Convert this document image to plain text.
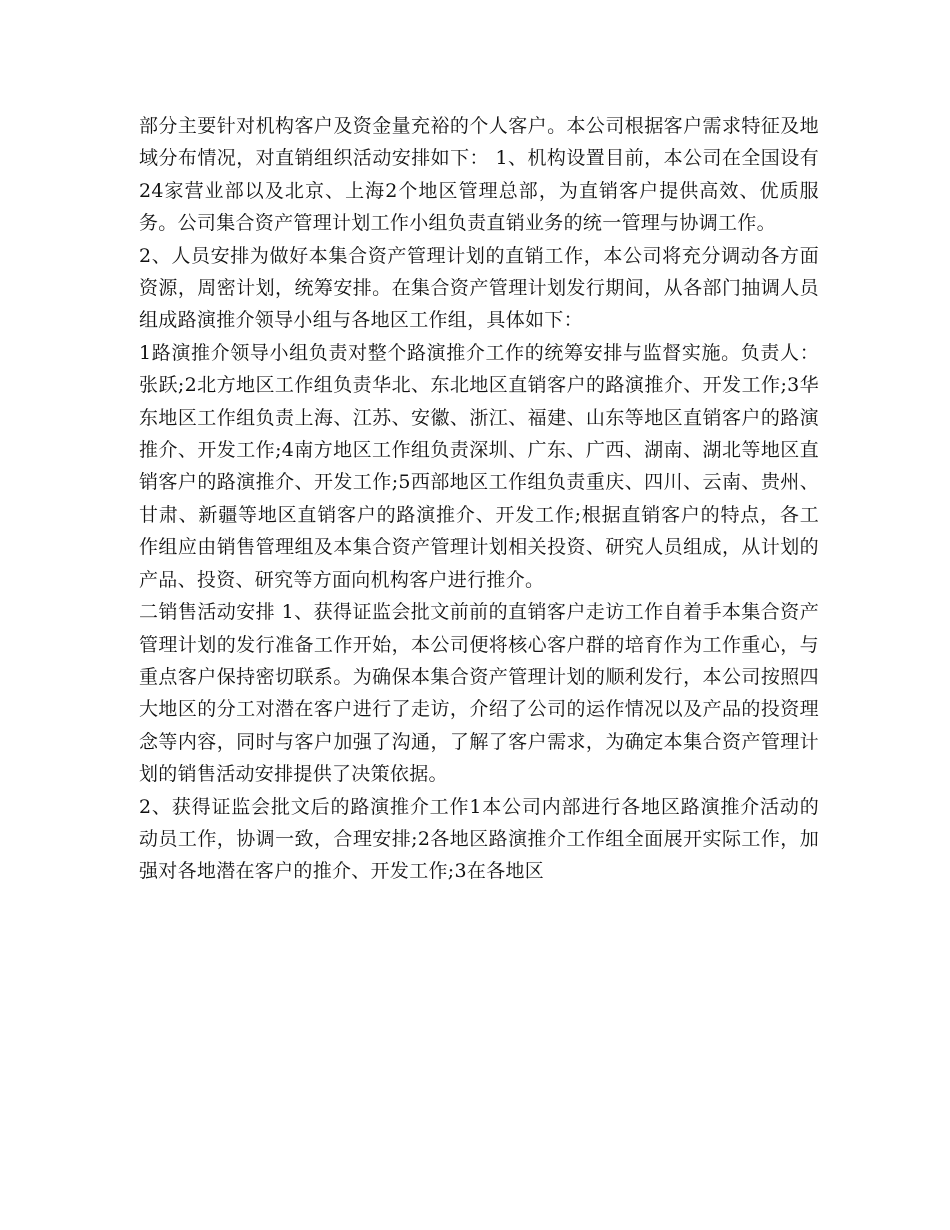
部分主要针对机构客户及资金量充裕的个人客户。本公司根据客户需求特征及地域分布情况，对直销组织活动安排如下： 1、机构设置目前，本公司在全国设有24家营业部以及北京、上海2个地区管理总部，为直销客户提供高效、优质服务。公司集合资产管理计划工作小组负责直销业务的统一管理与协调工作。

2、人员安排为做好本集合资产管理计划的直销工作，本公司将充分调动各方面资源，周密计划，统筹安排。在集合资产管理计划发行期间，从各部门抽调人员组成路演推介领导小组与各地区工作组，具体如下：

1路演推介领导小组负责对整个路演推介工作的统筹安排与监督实施。负责人：张跃;2北方地区工作组负责华北、东北地区直销客户的路演推介、开发工作;3华东地区工作组负责上海、江苏、安徽、浙江、福建、山东等地区直销客户的路演推介、开发工作;4南方地区工作组负责深圳、广东、广西、湖南、湖北等地区直销客户的路演推介、开发工作;5西部地区工作组负责重庆、四川、云南、贵州、甘肃、新疆等地区直销客户的路演推介、开发工作;根据直销客户的特点，各工作组应由销售管理组及本集合资产管理计划相关投资、研究人员组成，从计划的产品、投资、研究等方面向机构客户进行推介。

二销售活动安排 1、获得证监会批文前前的直销客户走访工作自着手本集合资产管理计划的发行准备工作开始，本公司便将核心客户群的培育作为工作重心，与重点客户保持密切联系。为确保本集合资产管理计划的顺利发行，本公司按照四大地区的分工对潜在客户进行了走访，介绍了公司的运作情况以及产品的投资理念等内容，同时与客户加强了沟通，了解了客户需求，为确定本集合资产管理计划的销售活动安排提供了决策依据。

2、获得证监会批文后的路演推介工作1本公司内部进行各地区路演推介活动的动员工作，协调一致，合理安排;2各地区路演推介工作组全面展开实际工作，加强对各地潜在客户的推介、开发工作;3在各地区
